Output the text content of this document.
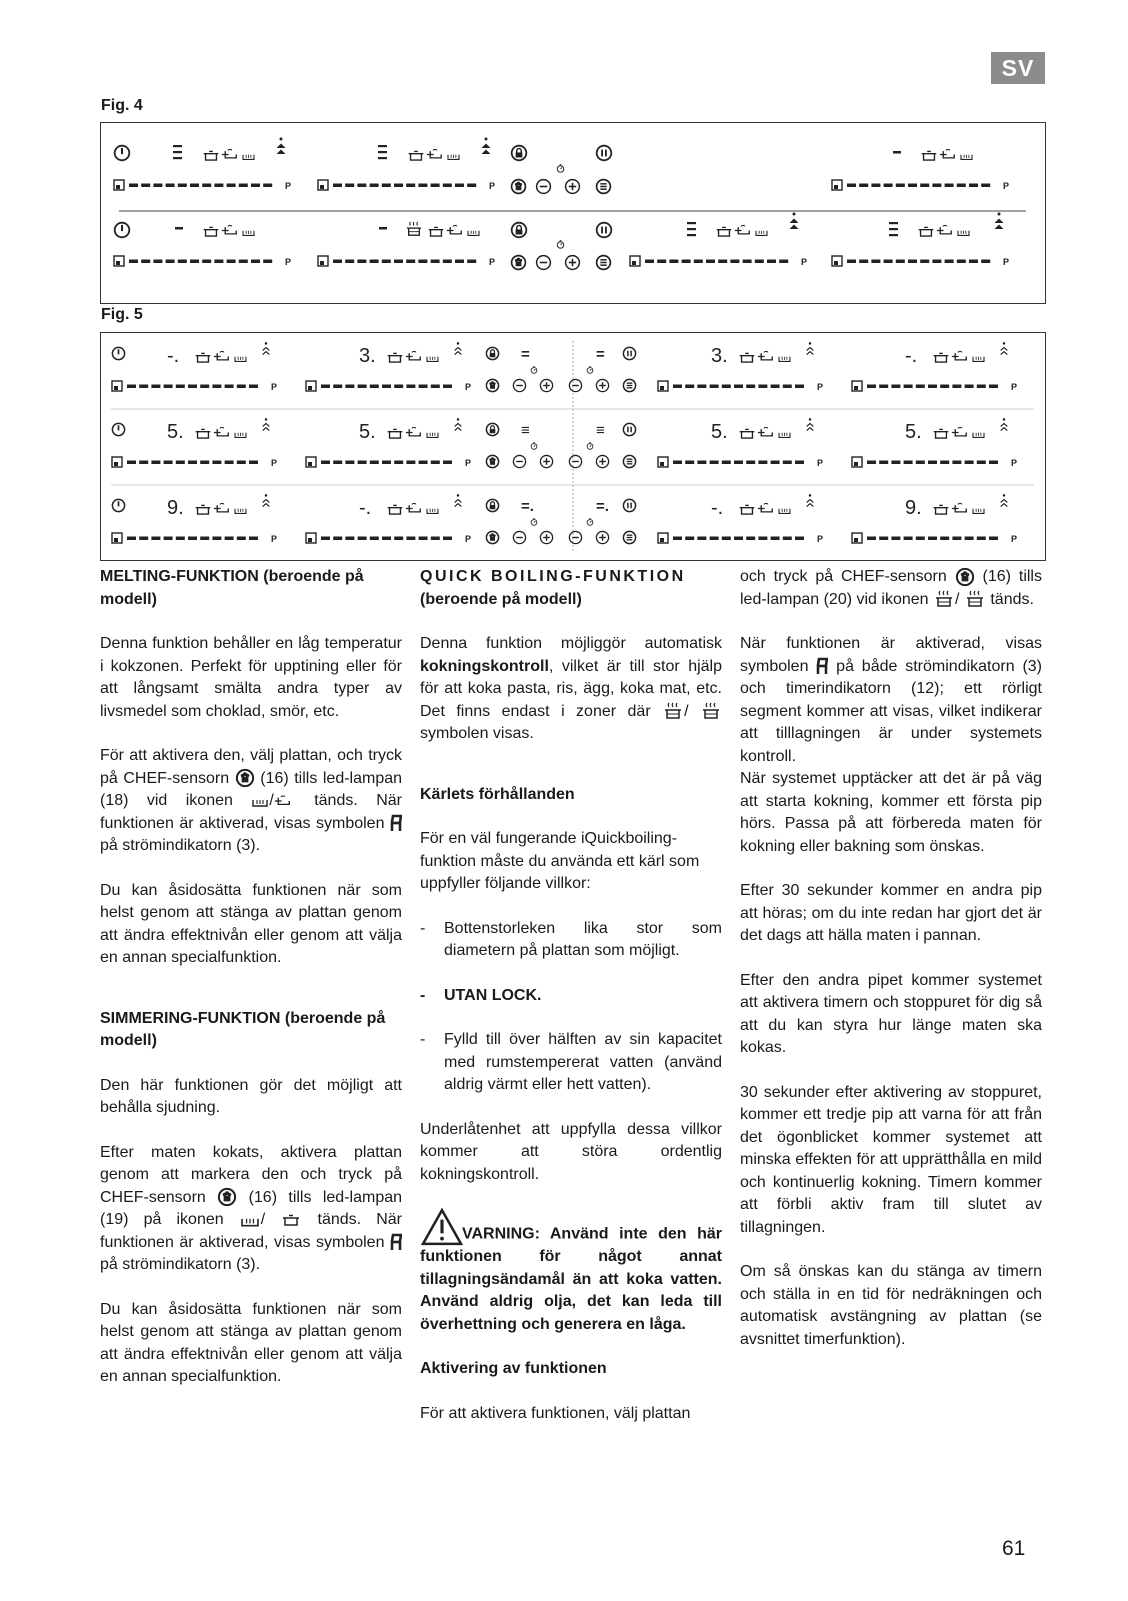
SV
Fig. 4
P	P	P
P	P	P	P
Fig. 5
=	=
-.	3.	3.	-.
P	P	P	P
≡	≡
5.	5.	5.	5.
P	P	P	P
=.	=.
9.	-.	-.	9.
P	P	P	P
MELTING-FUNKTION (beroende på modell)

Denna funktion behåller en låg temperatur i kokzonen. Perfekt för upptining eller för att långsamt smälta andra typer av livsmedel som choklad, smör, etc.

För att aktivera den, välj plattan, och tryck på CHEF-sensorn (16) tills led-lampan (18) vid ikonen /	tänds. När funktionen är aktiverad, visas symbolen  på strömindikatorn (3).

Du kan åsidosätta funktionen när som helst genom att stänga av plattan genom att ändra effektnivån eller genom att välja en annan specialfunktion.

SIMMERING-FUNKTION (beroende på modell)

Den här funktionen gör det möjligt att behålla sjudning.

Efter maten kokats, aktivera plattan genom att markera den och tryck på CHEF-sensorn	(16) tills led-lampan (19) på ikonen /  tänds. När funktionen är aktiverad, visas symbolen  på strömindikatorn (3).

Du kan åsidosätta funktionen när som helst genom att stänga av plattan genom att ändra effektnivån eller genom att välja en annan specialfunktion.

QUICK BOILING-FUNKTION
(beroende på modell)

Denna funktion möjliggör automatisk kokningskontroll, vilket är till stor hjälp för att koka pasta, ris, ägg, koka mat, etc. Det finns endast i zoner där /  symbolen visas.

Kärlets förhållanden

För en väl fungerande iQuickboiling-funktion måste du använda ett kärl som uppfyller följande villkor:

- Bottenstorleken lika stor som diametern på plattan som möjligt.
- UTAN LOCK.
- Fylld till över hälften av sin kapacitet med rumstempererat vatten (använd aldrig värmt eller hett vatten).

Underlåtenhet att uppfylla dessa villkor kommer att störa ordentlig kokningskontroll.

VARNING: Använd inte den här funktionen för något annat tillagningsändamål än att koka vatten. Använd aldrig olja, det kan leda till överhettning och generera en låga.

Aktivering av funktionen

För att aktivera funktionen, välj plattan

och tryck på CHEF-sensorn (16) tills led-lampan (20) vid ikonen /  tänds.

När funktionen är aktiverad, visas symbolen på både strömindikatorn (3) och timerindikatorn (12); ett rörligt segment kommer att visas, vilket indikerar att tilllagningen är under systemets kontroll.

När systemet upptäcker att det är på väg att starta kokning, kommer ett första pip hörs. Passa på att förbereda maten för kokning eller bakning som önskas.

Efter 30 sekunder kommer en andra pip att höras; om du inte redan har gjort det är det dags att hälla maten i pannan.

Efter den andra pipet kommer systemet att aktivera timern och stoppuret för dig så att du kan styra hur länge maten ska kokas.

30 sekunder efter aktivering av stoppuret, kommer ett tredje pip att varna för att från det ögonblicket kommer systemet att minska effekten för att upprätthålla en mild och kontinuerlig kokning. Timern kommer att förbli aktiv fram till slutet av tillagningen.

Om så önskas kan du stänga av timern och ställa in en tid för nedräkningen och automatisk avstängning av plattan (se avsnittet timerfunktion).

61
